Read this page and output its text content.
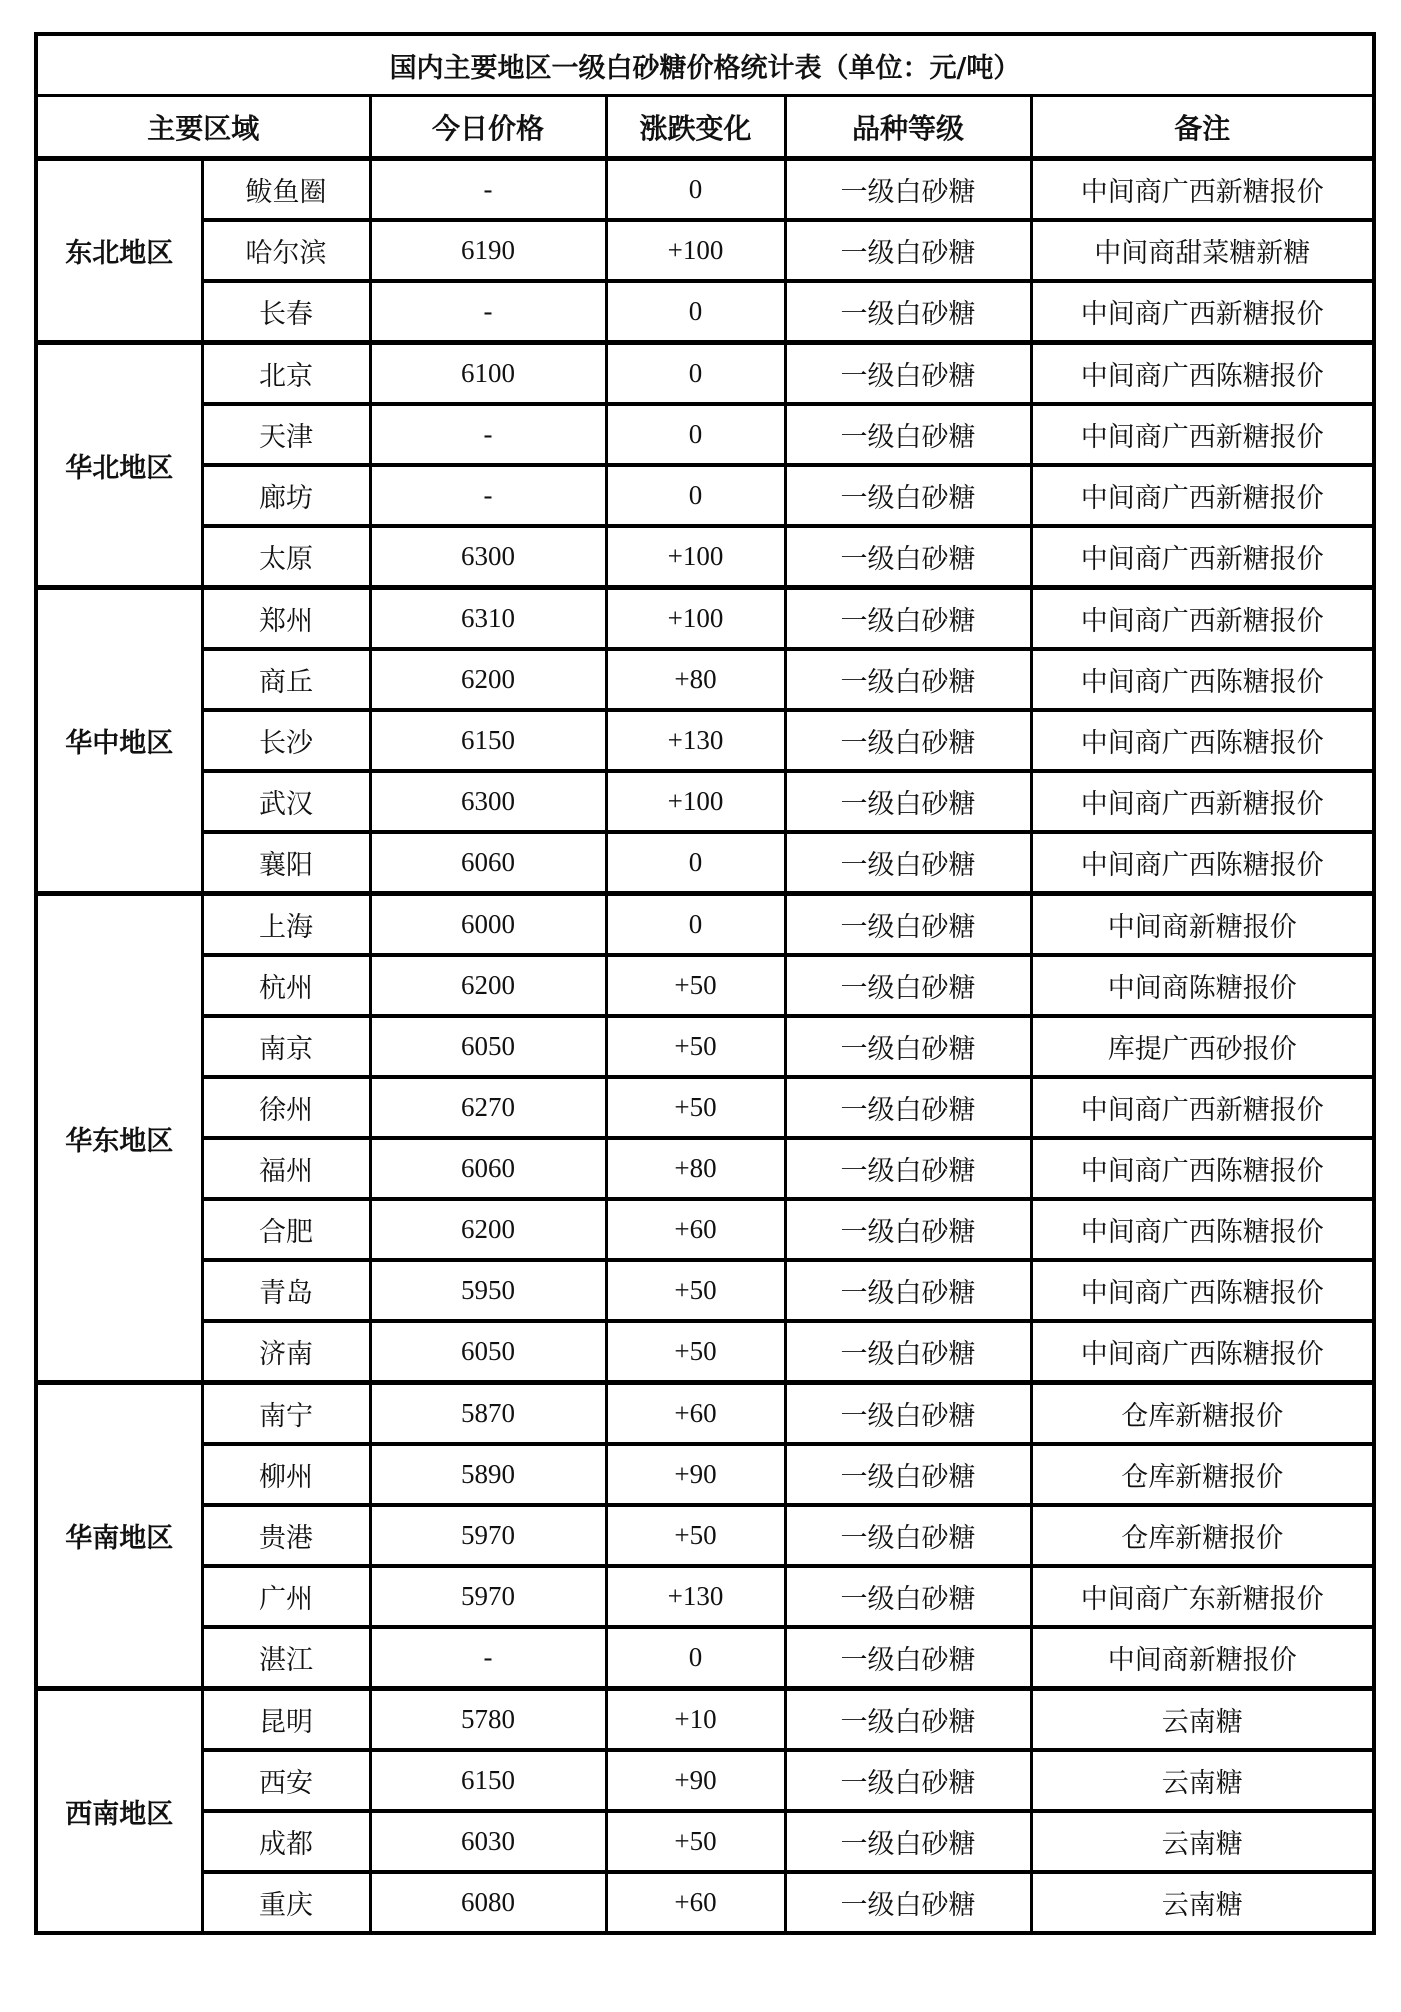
国内主要地区一级白砂糖价格统计表（单位：元/吨）					
主要区域		今日价格	涨跌变化	品种等级	备注
东北地区	鲅鱼圈	-	0	一级白砂糖	中间商广西新糖报价
	哈尔滨	6190	+100	一级白砂糖	中间商甜菜糖新糖
	长春	-	0	一级白砂糖	中间商广西新糖报价
华北地区	北京	6100	0	一级白砂糖	中间商广西陈糖报价
	天津	-	0	一级白砂糖	中间商广西新糖报价
	廊坊	-	0	一级白砂糖	中间商广西新糖报价
	太原	6300	+100	一级白砂糖	中间商广西新糖报价
华中地区	郑州	6310	+100	一级白砂糖	中间商广西新糖报价
	商丘	6200	+80	一级白砂糖	中间商广西陈糖报价
	长沙	6150	+130	一级白砂糖	中间商广西陈糖报价
	武汉	6300	+100	一级白砂糖	中间商广西新糖报价
	襄阳	6060	0	一级白砂糖	中间商广西陈糖报价
华东地区	上海	6000	0	一级白砂糖	中间商新糖报价
	杭州	6200	+50	一级白砂糖	中间商陈糖报价
	南京	6050	+50	一级白砂糖	库提广西砂报价
	徐州	6270	+50	一级白砂糖	中间商广西新糖报价
	福州	6060	+80	一级白砂糖	中间商广西陈糖报价
	合肥	6200	+60	一级白砂糖	中间商广西陈糖报价
	青岛	5950	+50	一级白砂糖	中间商广西陈糖报价
	济南	6050	+50	一级白砂糖	中间商广西陈糖报价
华南地区	南宁	5870	+60	一级白砂糖	仓库新糖报价
	柳州	5890	+90	一级白砂糖	仓库新糖报价
	贵港	5970	+50	一级白砂糖	仓库新糖报价
	广州	5970	+130	一级白砂糖	中间商广东新糖报价
	湛江	-	0	一级白砂糖	中间商新糖报价
西南地区	昆明	5780	+10	一级白砂糖	云南糖
	西安	6150	+90	一级白砂糖	云南糖
	成都	6030	+50	一级白砂糖	云南糖
	重庆	6080	+60	一级白砂糖	云南糖
